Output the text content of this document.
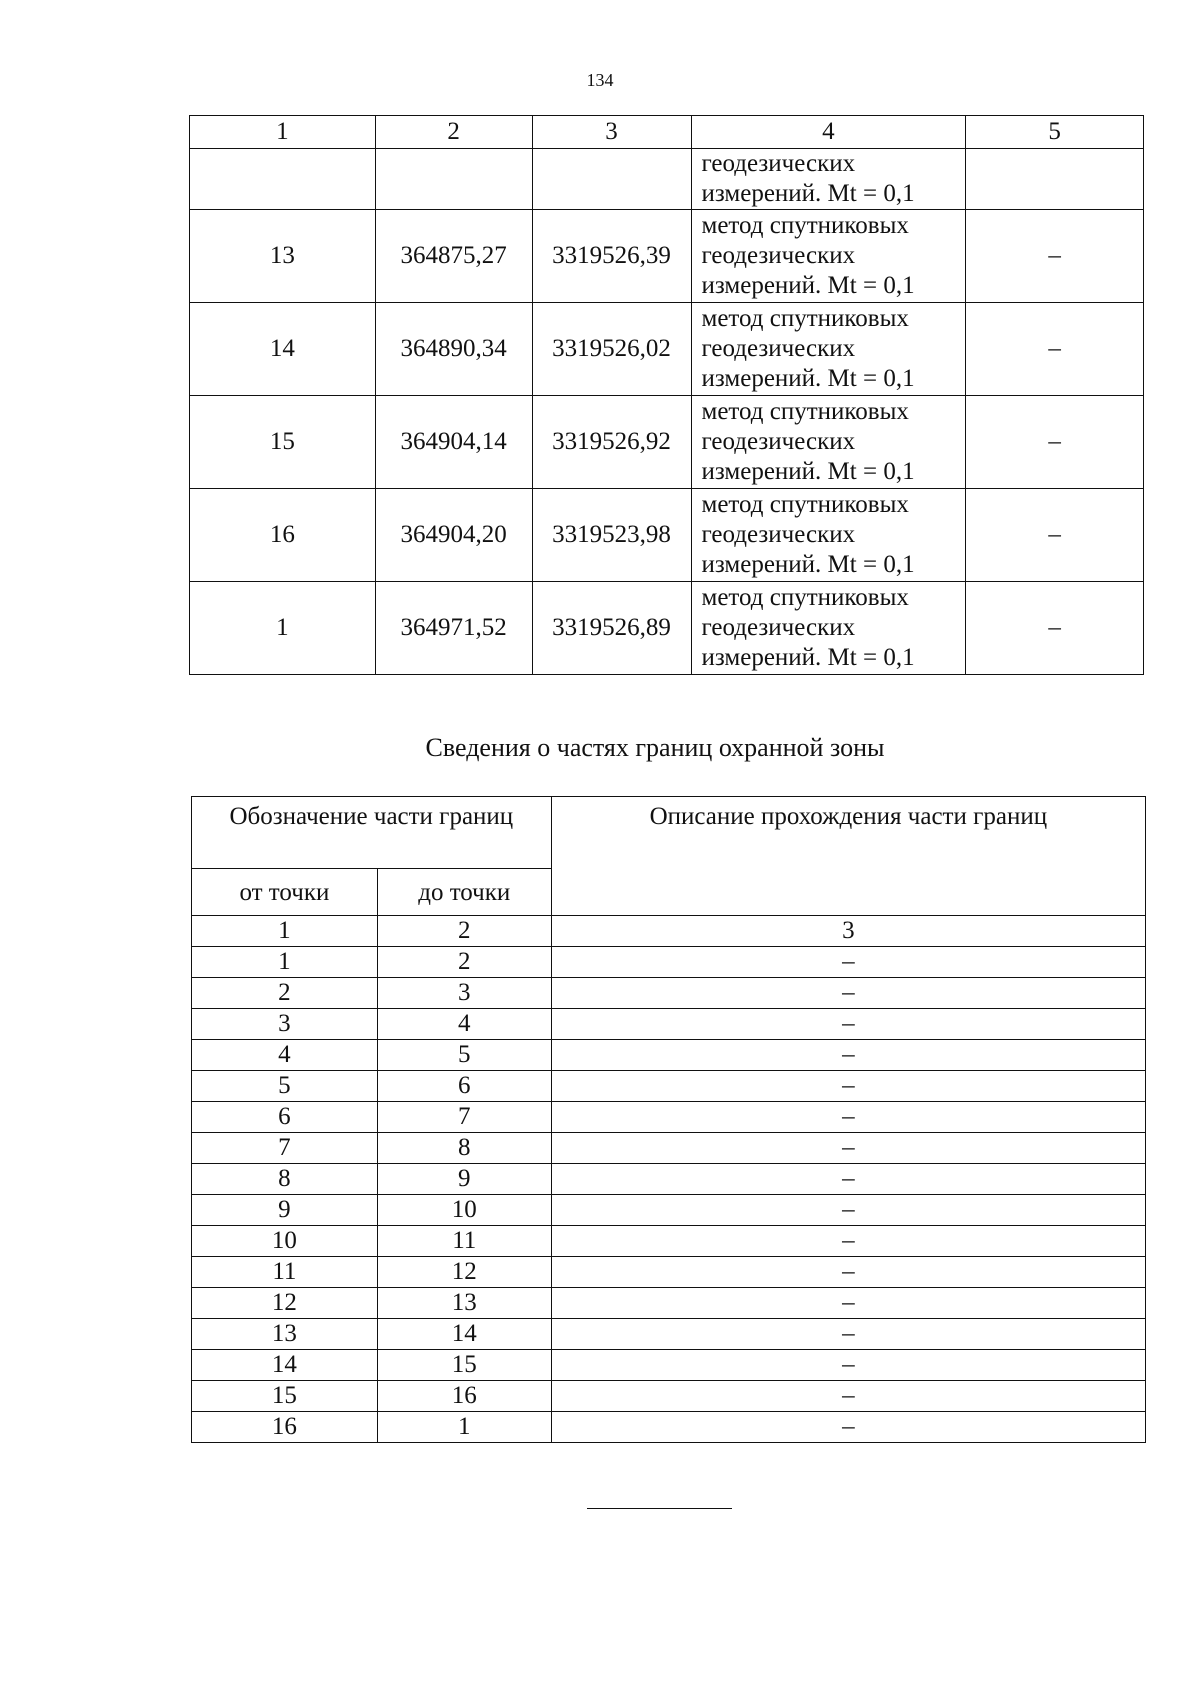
134
1	2	3	4	5

			геодезических
измерений. Mt = 0,1	

13	364875,27	3319526,39	метод спутниковых
геодезических
измерений. Mt = 0,1	–
14	364890,34	3319526,02	метод спутниковых
геодезических
измерений. Mt = 0,1	–
15	364904,14	3319526,92	метод спутниковых
геодезических
измерений. Mt = 0,1	–
16	364904,20	3319523,98	метод спутниковых
геодезических
измерений. Mt = 0,1	–
1	364971,52	3319526,89	метод спутниковых
геодезических
измерений. Mt = 0,1	–
Сведения о частях границ охранной зоны
Обозначение части границ		Описание прохождения части границ
от точки	до точки	
1	2	3
1	2	–
2	3	–
3	4	–
4	5	–
5	6	–
6	7	–
7	8	–
8	9	–
9	10	–
10	11	–
11	12	–
12	13	–
13	14	–
14	15	–
15	16	–
16	1	–
